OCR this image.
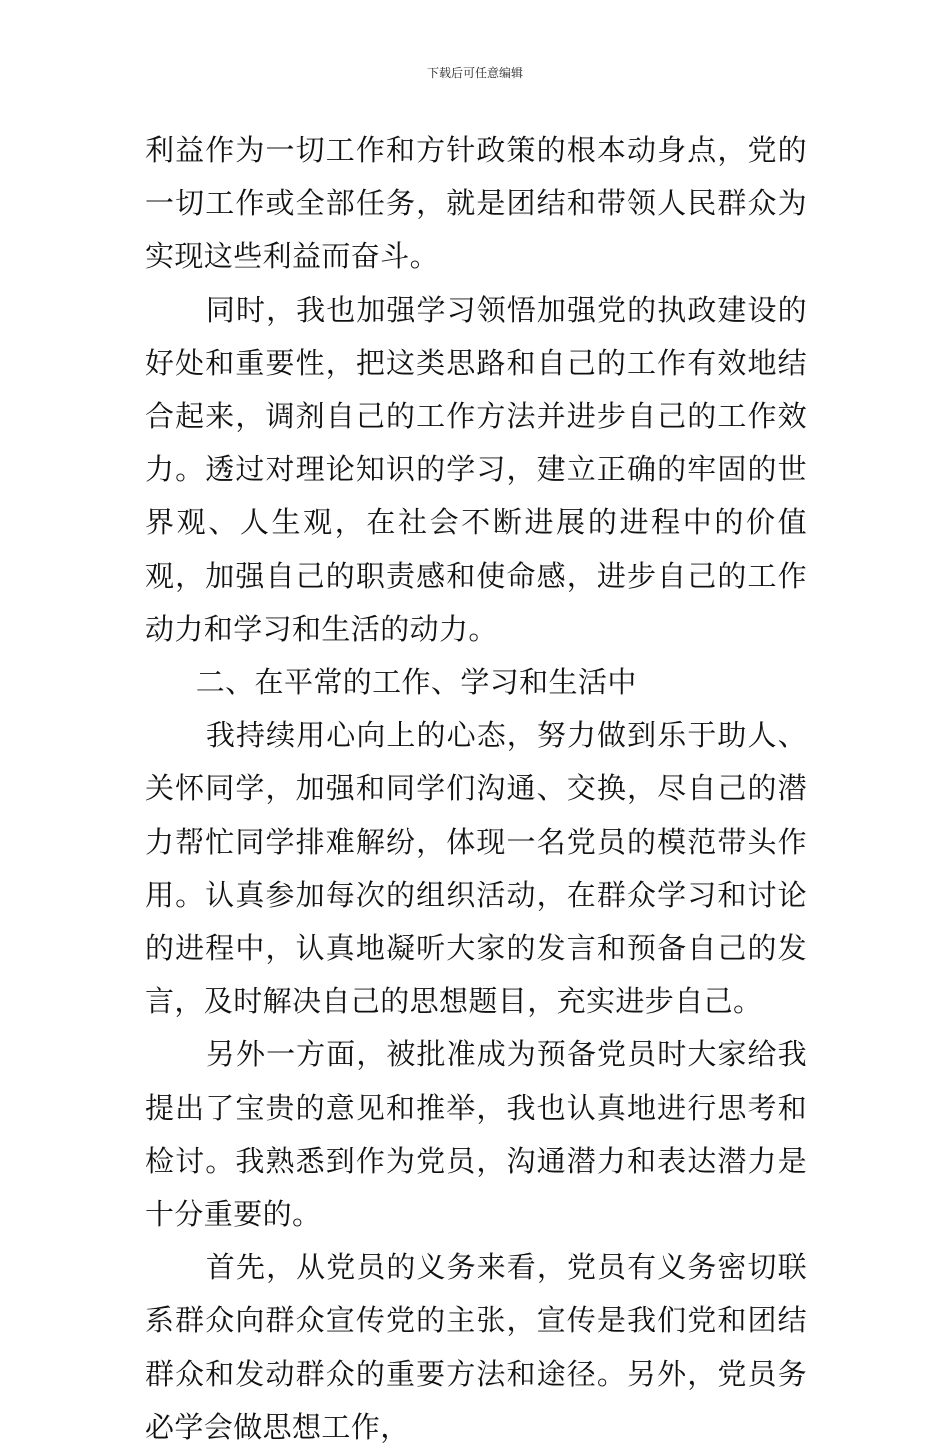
下载后可任意编辑

利益作为一切工作和方针政策的根本动身点，党的一切工作或全部任务，就是团结和带领人民群众为实现这些利益而奋斗。

同时，我也加强学习领悟加强党的执政建设的好处和重要性，把这类思路和自己的工作有效地结合起来，调剂自己的工作方法并进步自己的工作效力。透过对理论知识的学习，建立正确的牢固的世界观、人生观，在社会不断进展的进程中的价值观，加强自己的职责感和使命感，进步自己的工作动力和学习和生活的动力。

二、在平常的工作、学习和生活中

我持续用心向上的心态，努力做到乐于助人、关怀同学，加强和同学们沟通、交换，尽自己的潜力帮忙同学排难解纷，体现一名党员的模范带头作用。认真参加每次的组织活动，在群众学习和讨论的进程中，认真地凝听大家的发言和预备自己的发言，及时解决自己的思想题目，充实进步自己。

另外一方面，被批准成为预备党员时大家给我提出了宝贵的意见和推举，我也认真地进行思考和检讨。我熟悉到作为党员，沟通潜力和表达潜力是十分重要的。

首先，从党员的义务来看，党员有义务密切联系群众向群众宣传党的主张，宣传是我们党和团结群众和发动群众的重要方法和途径。另外，党员务必学会做思想工作，
